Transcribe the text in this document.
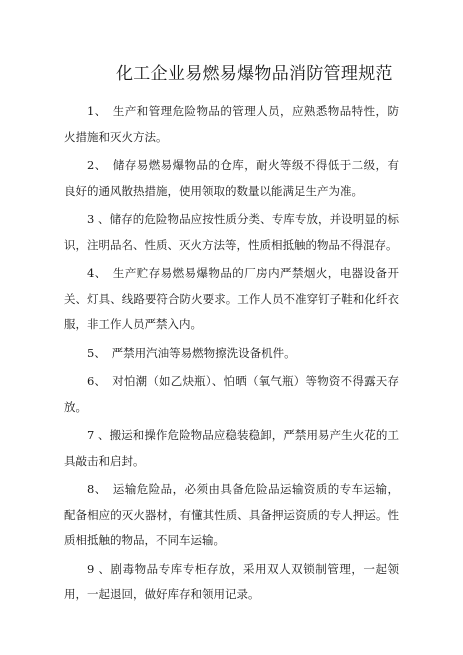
化工企业易燃易爆物品消防管理规范

1、　生产和管理危险物品的管理人员，应熟悉物品特性，防火措施和灭火方法。

2、　储存易燃易爆物品的仓库，耐火等级不得低于二级，有良好的通风散热措施，使用领取的数量以能满足生产为准。

3 、储存的危险物品应按性质分类、专库专放，并设明显的标识，注明品名、性质、灭火方法等，性质相抵触的物品不得混存。

4、　生产贮存易燃易爆物品的厂房内严禁烟火，电器设备开关、灯具、线路要符合防火要求。工作人员不准穿钉子鞋和化纤衣服，非工作人员严禁入内。

5、　严禁用汽油等易燃物擦洗设备机件。

6、　对怕潮（如乙炔瓶）、怕晒（氧气瓶）等物资不得露天存放。

7 、搬运和操作危险物品应稳装稳卸，严禁用易产生火花的工具敲击和启封。

8、　运输危险品，必须由具备危险品运输资质的专车运输，配备相应的灭火器材，有懂其性质、具备押运资质的专人押运。性质相抵触的物品，不同车运输。

9 、剧毒物品专库专柜存放，采用双人双锁制管理，一起领用，一起退回，做好库存和领用记录。
